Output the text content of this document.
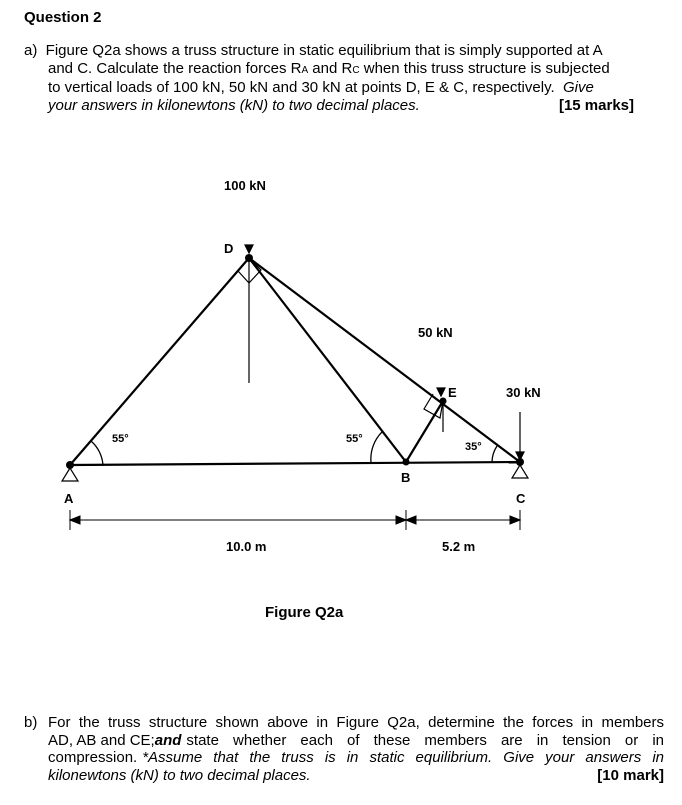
Question 2
a)  Figure Q2a shows a truss structure in static equilibrium that is simply supported at A
and C. Calculate the reaction forces RA and RC when this truss structure is subjected
to vertical loads of 100 kN, 50 kN and 30 kN at points D, E & C, respectively. Give
your answers in kilonewtons (kN) to two decimal places.	[15 marks]
100 kN
D
50 kN
E	30 kN
55°	55°
35°
B
A	C
10.0 m	5.2 m
Figure Q2a
b) For the truss structure shown above in Figure Q2a, determine the forces in members
AD, AB and CE; and state whether each of these members are in tension or in
compression. *Assume that the truss is in static equilibrium. Give your answers in
kilonewtons (kN) to two decimal places.	[10 mark]
